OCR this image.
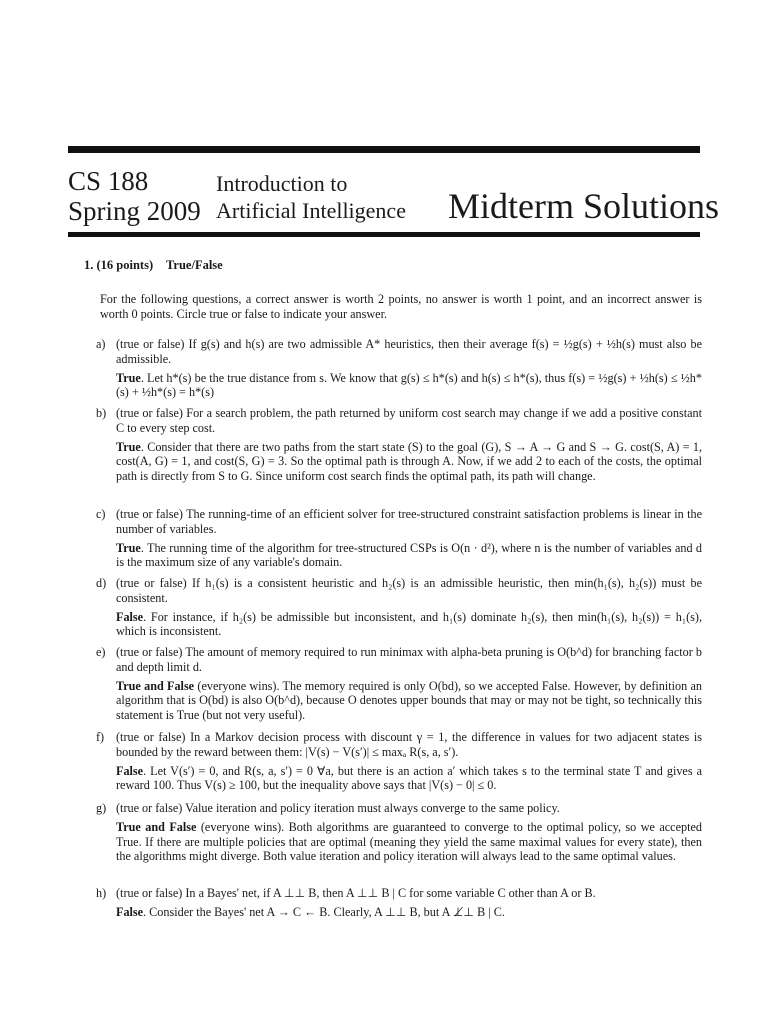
CS 188
Spring 2009
Introduction to
Artificial Intelligence Midterm Solutions
1. (16 points) True/False
For the following questions, a correct answer is worth 2 points, no answer is worth 1 point, and an incorrect answer is worth 0 points. Circle true or false to indicate your answer.
a) (true or false) If g(s) and h(s) are two admissible A* heuristics, then their average f(s) = ½g(s) + ½h(s) must also be admissible.
True. Let h*(s) be the true distance from s. We know that g(s) ≤ h*(s) and h(s) ≤ h*(s), thus f(s) = ½g(s) + ½h(s) ≤ ½h*(s) + ½h*(s) = h*(s)
b) (true or false) For a search problem, the path returned by uniform cost search may change if we add a positive constant C to every step cost.
True. Consider that there are two paths from the start state (S) to the goal (G), S → A → G and S → G. cost(S, A) = 1, cost(A, G) = 1, and cost(S, G) = 3. So the optimal path is through A. Now, if we add 2 to each of the costs, the optimal path is directly from S to G. Since uniform cost search finds the optimal path, its path will change.
c) (true or false) The running-time of an efficient solver for tree-structured constraint satisfaction problems is linear in the number of variables.
True. The running time of the algorithm for tree-structured CSPs is O(n · d²), where n is the number of variables and d is the maximum size of any variable's domain.
d) (true or false) If h₁(s) is a consistent heuristic and h₂(s) is an admissible heuristic, then min(h₁(s), h₂(s)) must be consistent.
False. For instance, if h₂(s) be admissible but inconsistent, and h₁(s) dominate h₂(s), then min(h₁(s), h₂(s)) = h₁(s), which is inconsistent.
e) (true or false) The amount of memory required to run minimax with alpha-beta pruning is O(b^d) for branching factor b and depth limit d.
True and False (everyone wins). The memory required is only O(bd), so we accepted False. However, by definition an algorithm that is O(bd) is also O(b^d), because O denotes upper bounds that may or may not be tight, so technically this statement is True (but not very useful).
f) (true or false) In a Markov decision process with discount γ = 1, the difference in values for two adjacent states is bounded by the reward between them: |V(s) − V(s′)| ≤ maxₐ R(s, a, s′).
False. Let V(s′) = 0, and R(s, a, s′) = 0 ∀a, but there is an action a′ which takes s to the terminal state T and gives a reward 100. Thus V(s) ≥ 100, but the inequality above says that |V(s) − 0| ≤ 0.
g) (true or false) Value iteration and policy iteration must always converge to the same policy.
True and False (everyone wins). Both algorithms are guaranteed to converge to the optimal policy, so we accepted True. If there are multiple policies that are optimal (meaning they yield the same maximal values for every state), then the algorithms might diverge. Both value iteration and policy iteration will always lead to the same optimal values.
h) (true or false) In a Bayes' net, if A ⊥⊥ B, then A ⊥⊥ B | C for some variable C other than A or B.
False. Consider the Bayes' net A → C ← B. Clearly, A ⊥⊥ B, but A ⊥̸⊥ B | C.
